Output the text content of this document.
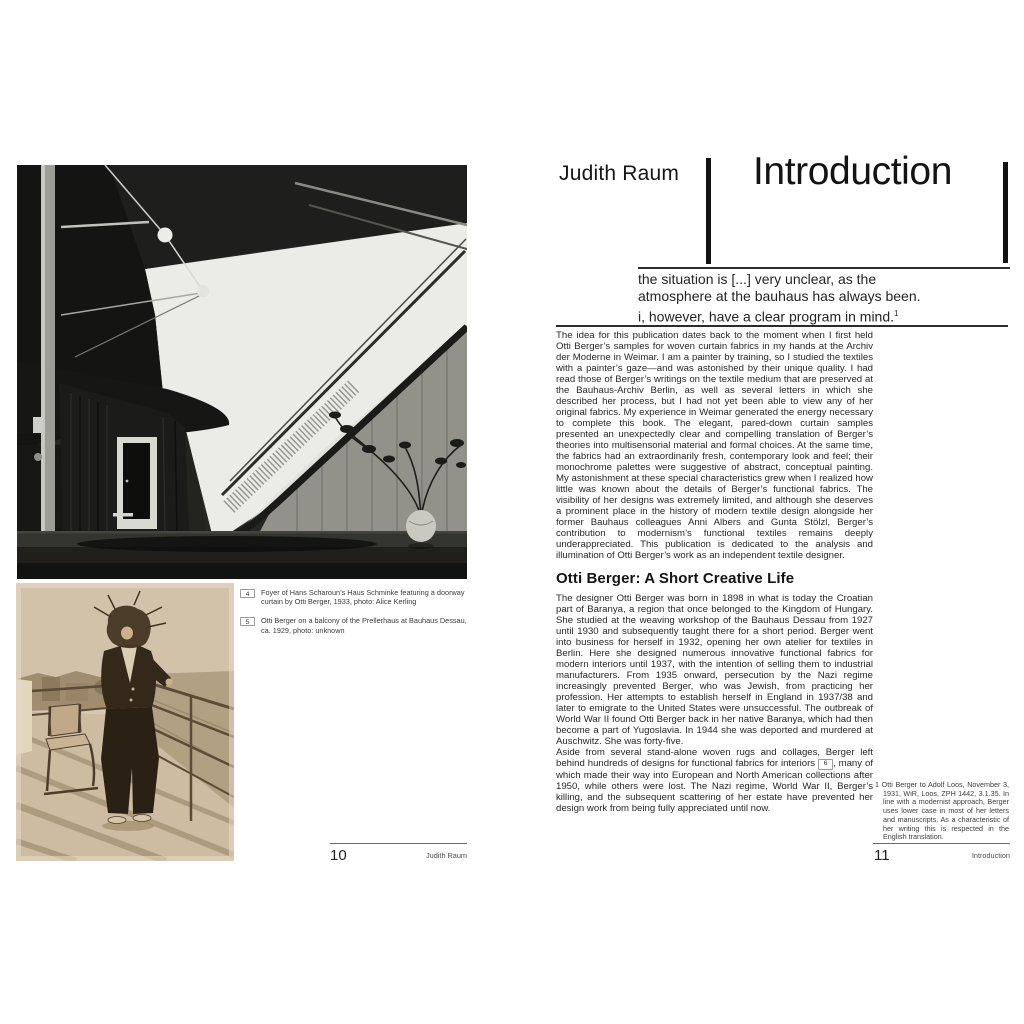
4	Foyer of Hans Scharoun’s Haus Schminke featuring a doorway curtain by Otti Berger, 1933, photo: Alice Kerling
5	Otti Berger on a balcony of the Prellerhaus at Bauhaus Dessau, ca. 1929, photo: unknown
10	Judith Raum
Judith Raum Introduction
the situation is [...] very unclear, as the
atmosphere at the bauhaus has always been.
i, however, have a clear program in mind.$^1$

The idea for this publication dates back to the moment when I first held Otti Berger’s samples for woven curtain fabrics in my hands at the Archiv der Moderne in Weimar. I am a painter by training, so I studied the textiles with a painter’s gaze—and was astonished by their unique quality. I had read those of Berger’s writings on the textile medium that are preserved at the Bauhaus-Archiv Berlin, as well as several letters in which she described her process, but I had not yet been able to view any of her original fabrics. My experience in Weimar generated the energy necessary to complete this book. The elegant, pared-down curtain samples presented an unexpectedly clear and compelling translation of Berger’s theories into multisensorial material and formal choices. At the same time, the fabrics had an extraordinarily fresh, contemporary look and feel; their monochrome palettes were suggestive of abstract, conceptual painting. My astonishment at these special characteristics grew when I realized how little was known about the details of Berger’s functional fabrics. The visibility of her designs was extremely limited, and although she deserves a prominent place in the history of modern textile design alongside her former Bauhaus colleagues Anni Albers and Gunta Stölzl, Berger’s contribution to modernism’s functional textiles remains deeply underappreciated. This publication is dedicated to the analysis and illumination of Otti Berger’s work as an independent textile designer.

Otti Berger: A Short Creative Life

The designer Otti Berger was born in 1898 in what is today the Croatian part of Baranya, a region that once belonged to the Kingdom of Hungary. She studied at the weaving workshop of the Bauhaus Dessau from 1927 until 1930 and subsequently taught there for a short period. Berger went into business for herself in 1932, opening her own atelier for textiles in Berlin. Here she designed numerous innovative functional fabrics for modern interiors until 1937, with the intention of selling them to industrial manufacturers. From 1935 onward, persecution by the Nazi regime increasingly prevented Berger, who was Jewish, from practicing her profession. Her attempts to establish herself in England in 1937/38 and later to emigrate to the United States were unsuccessful. The outbreak of World War II found Otti Berger back in her native Baranya, which had then become a part of Yugoslavia. In 1944 she was deported and murdered at Auschwitz. She was forty-five.

Aside from several stand-alone woven rugs and collages, Berger left behind hundreds of designs for functional fabrics for interiors 6 , many of which made their way into European and North American collections after 1950, while others were lost. The Nazi regime, World War II, Berger’s killing, and the subsequent scattering of her estate have prevented her design work from being fully appreciated until now.

1 Otti Berger to Adolf Loos, November 3, 1931, WiR, Loos, ZPH 1442, 3.1.35. In line with a modernist approach, Berger uses lower case in most of her letters and manuscripts. As a characteristic of her writing this is respected in the English translation.
11	Introduction
